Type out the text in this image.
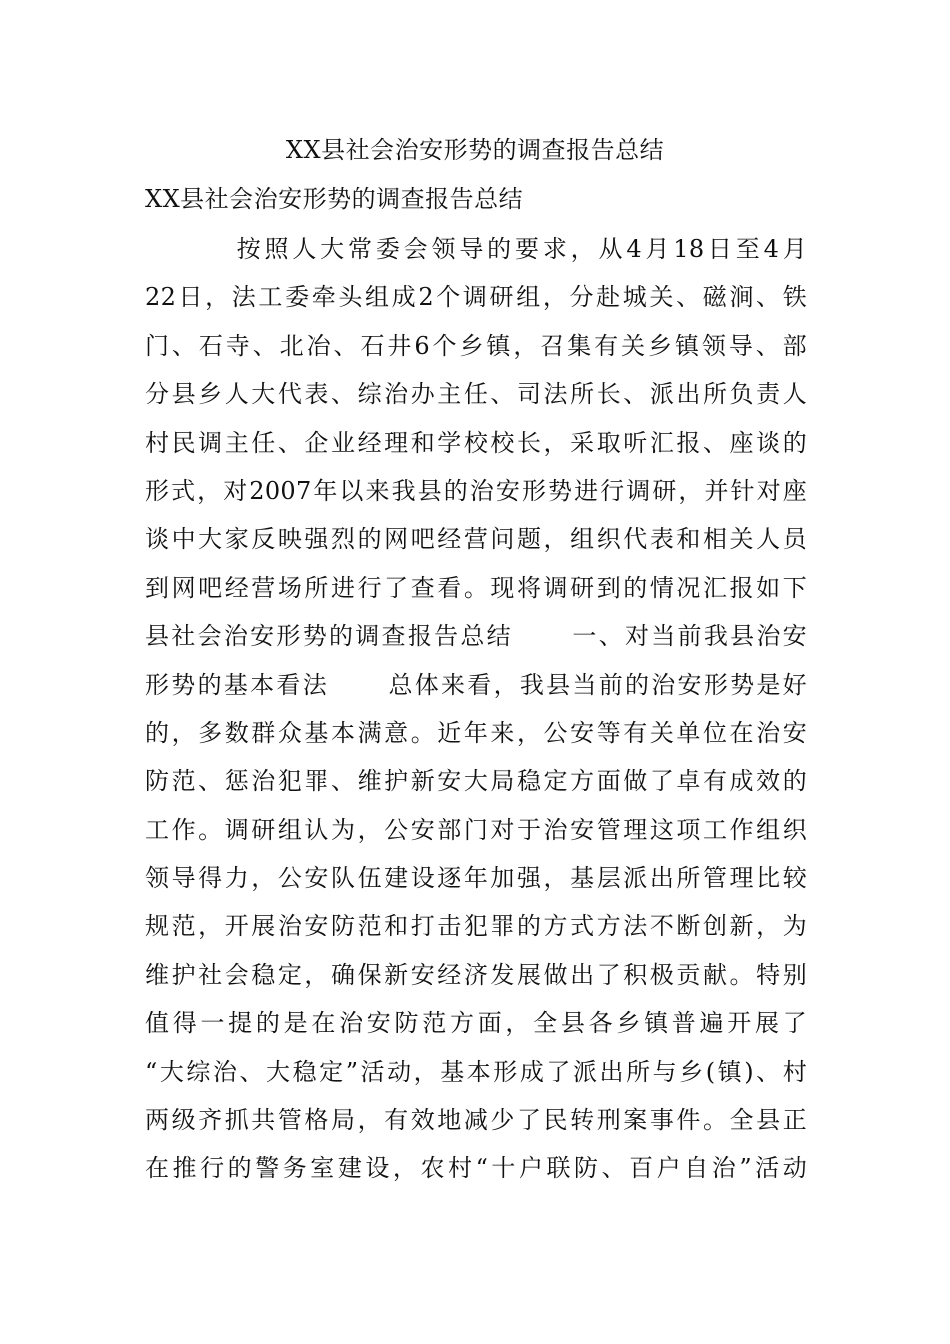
XX县社会治安形势的调查报告总结
XX县社会治安形势的调查报告总结
按照人大常委会领导的要求，从4月18日至4月
22日，法工委牵头组成2个调研组，分赴城关、磁涧、铁
门、石寺、北冶、石井6个乡镇，召集有关乡镇领导、部
分县乡人大代表、综治办主任、司法所长、派出所负责人
村民调主任、企业经理和学校校长，采取听汇报、座谈的
形式，对2007年以来我县的治安形势进行调研，并针对座
谈中大家反映强烈的网吧经营问题，组织代表和相关人员
到网吧经营场所进行了查看。现将调研到的情况汇报如下
县社会治安形势的调查报告总结      一、对当前我县治安
形势的基本看法      总体来看，我县当前的治安形势是好
的，多数群众基本满意。近年来，公安等有关单位在治安
防范、惩治犯罪、维护新安大局稳定方面做了卓有成效的
工作。调研组认为，公安部门对于治安管理这项工作组织
领导得力，公安队伍建设逐年加强，基层派出所管理比较
规范，开展治安防范和打击犯罪的方式方法不断创新，为
维护社会稳定，确保新安经济发展做出了积极贡献。特别
值得一提的是在治安防范方面，全县各乡镇普遍开展了
“大综治、大稳定”活动，基本形成了派出所与乡(镇)、村
两级齐抓共管格局，有效地减少了民转刑案事件。全县正
在推行的警务室建设，农村“十户联防、百户自治”活动
